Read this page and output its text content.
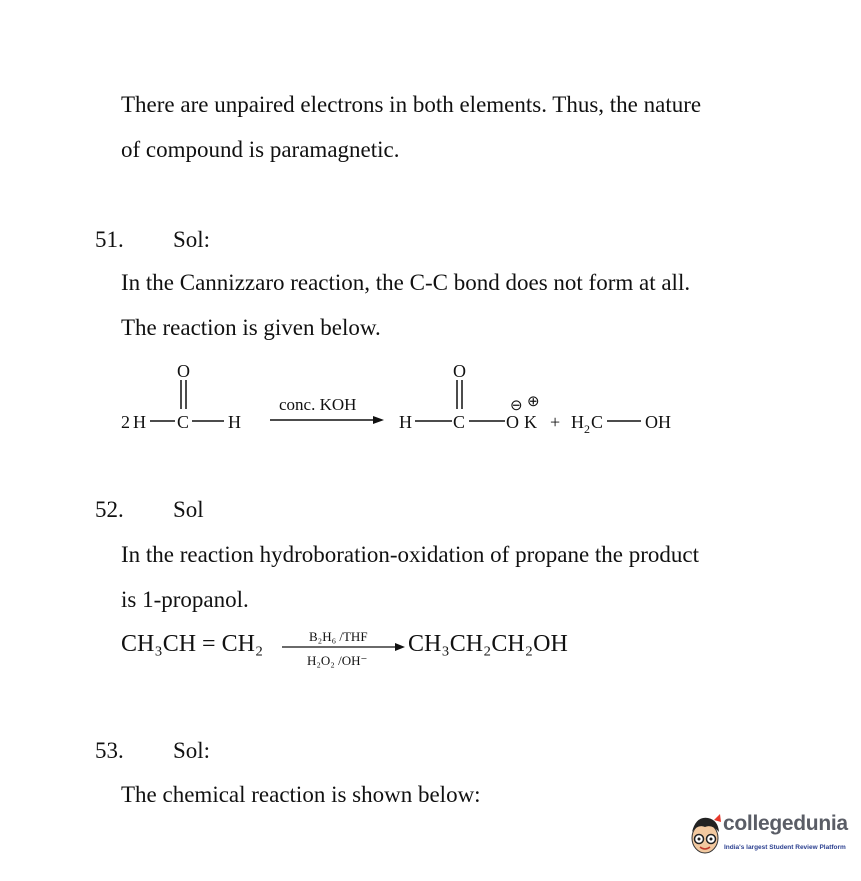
There are unpaired electrons in both elements. Thus, the nature
of compound is paramagnetic.
51. Sol:
In the Cannizzaro reaction, the C-C bond does not form at all.
The reaction is given below.
2 H C H
O
conc. KOH
H C O K
O
⊖ ⊕
+ H 2 C OH
52. Sol
In the reaction hydroboration-oxidation of propane the product
is 1-propanol.
CH₃CH = CH₂	B₂H₆ /THF
H₂O₂ /OH⁻
CH₃CH₂CH₂OH
53. Sol:
The chemical reaction is shown below:
collegedunia
India's largest Student Review Platform
